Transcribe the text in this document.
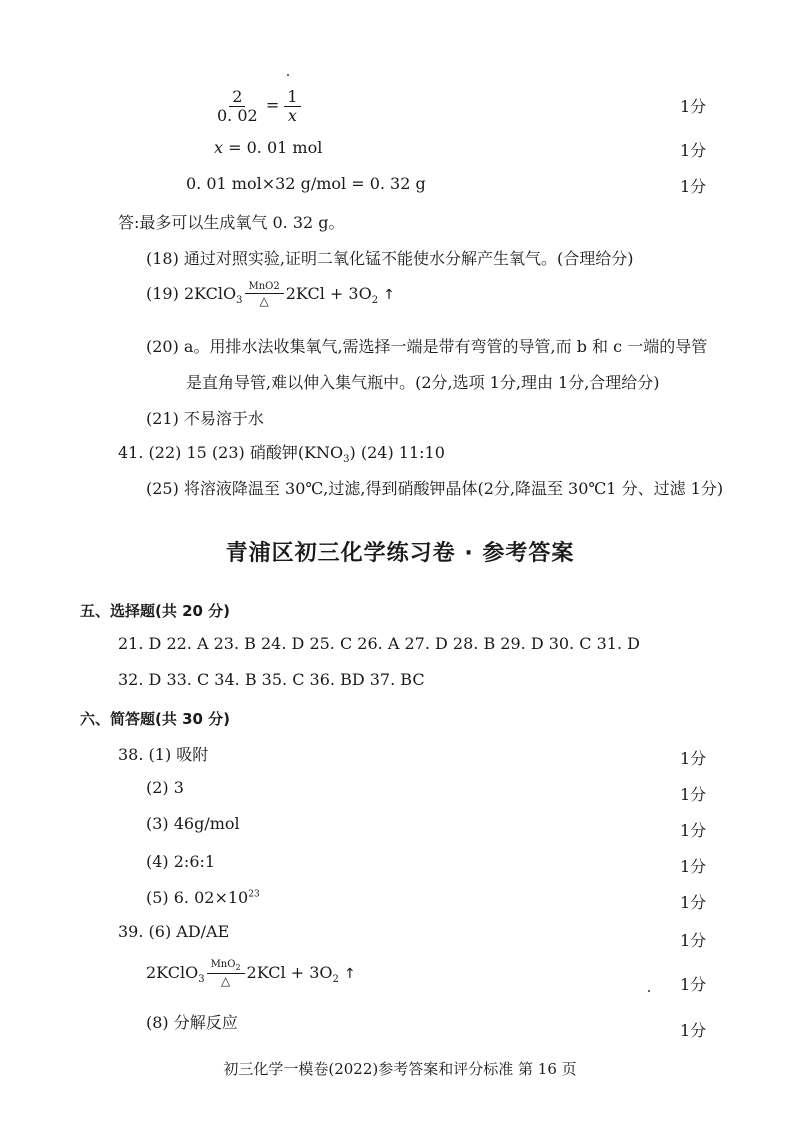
$\frac{2}{0. 02} = \frac{1}{x}$	1分
x = 0. 01 mol	1分
0. 01 mol×32 g/mol = 0. 32 g	1分
答:最多可以生成氧气 0. 32 g。
(18) 通过对照实验,证明二氧化锰不能使水分解产生氧气。(合理给分)
(19) 2KClO$_3$
MnO2
△ $2KCl + 3O_2$ ↑
(20) a。用排水法收集氧气,需选择一端是带有弯管的导管,而 b 和 c 一端的导管
是直角导管,难以伸入集气瓶中。(2分,选项 1分,理由 1分,合理给分)
(21) 不易溶于水
41. (22) 15 (23) 硝酸钾$(KNO_3)$ (24) 11:10
(25) 将溶液降温至 30℃,过滤,得到硝酸钾晶体(2分,降温至 30℃1 分、过滤 1分)
青浦区初三化学练习卷 · 参考答案
五、选择题(共 20 分)
21. D 22. A 23. B 24. D 25. C 26. A 27. D 28. B 29. D 30. C 31. D
32. D 33. C 34. B 35. C 36. BD 37. BC
六、简答题(共 30 分)
38. (1) 吸附	1分
(2) 3	1分
(3) 46g/mol	1分
(4) 2:6:1	1分
(5) 6. $02\times 10^{23}$	1分
39. (6) AD/AE	1分
2KClO$_3$
MnO$_2$
△ $2KCl + 3O_2$ ↑
1分
(8) 分解反应	1分
初三化学一模卷(2022)参考答案和评分标准 第 16 页
